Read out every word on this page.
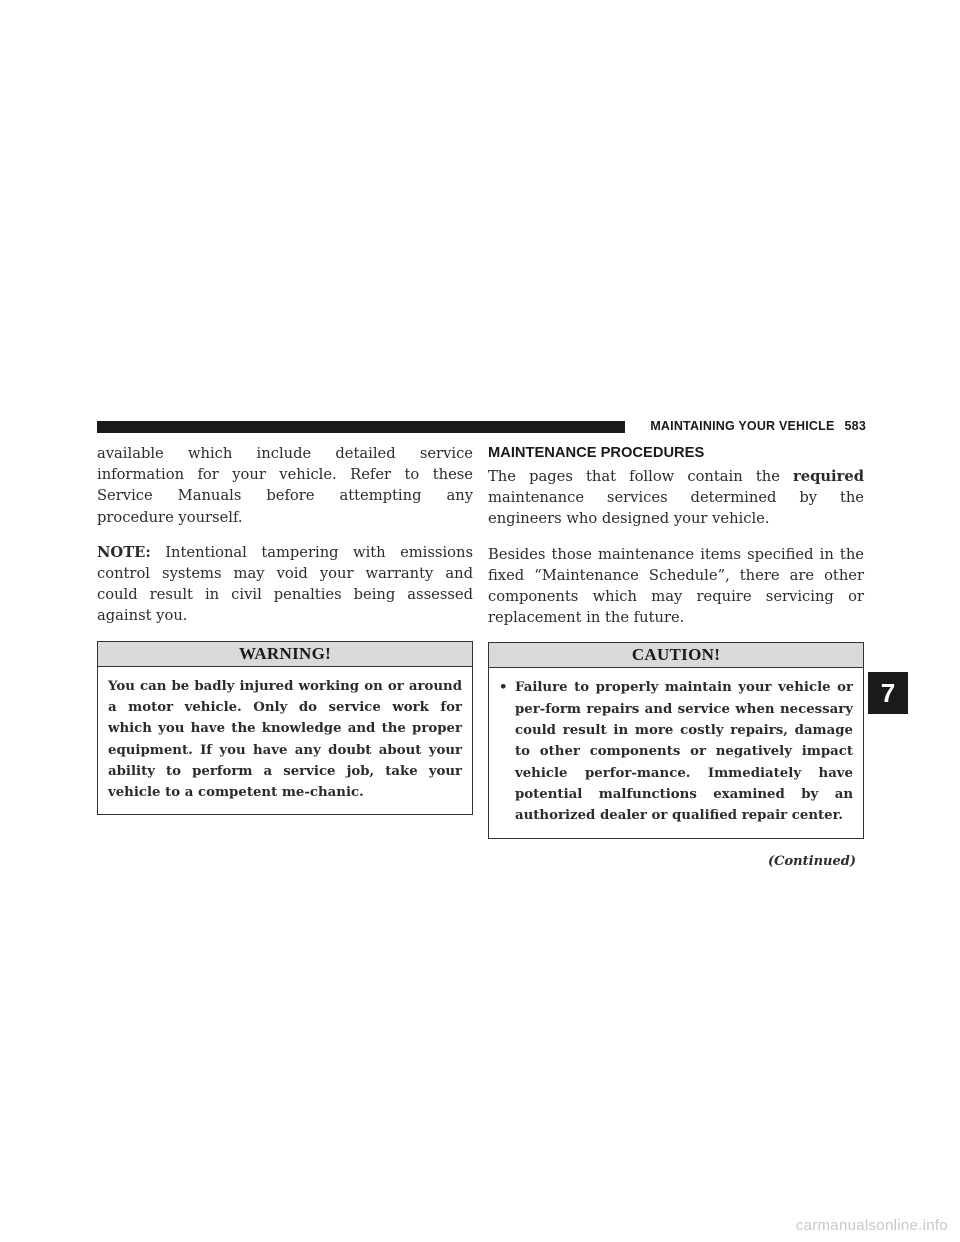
MAINTAINING YOUR VEHICLE 583

available which include detailed service information for your vehicle. Refer to these Service Manuals before attempting any procedure yourself.

NOTE: Intentional tampering with emissions control systems may void your warranty and could result in civil penalties being assessed against you.

WARNING!
You can be badly injured working on or around a motor vehicle. Only do service work for which you have the knowledge and the proper equipment. If you have any doubt about your ability to perform a service job, take your vehicle to a competent me-chanic.
MAINTENANCE PROCEDURES

The pages that follow contain the required maintenance services determined by the engineers who designed your vehicle.

Besides those maintenance items specified in the fixed “Maintenance Schedule”, there are other components which may require servicing or replacement in the future.

CAUTION!
• Failure to properly maintain your vehicle or per-form repairs and service when necessary could result in more costly repairs, damage to other components or negatively impact vehicle perfor-mance. Immediately have potential malfunctions examined by an authorized dealer or qualified repair center.
(Continued)
7
carmanualsonline.info
